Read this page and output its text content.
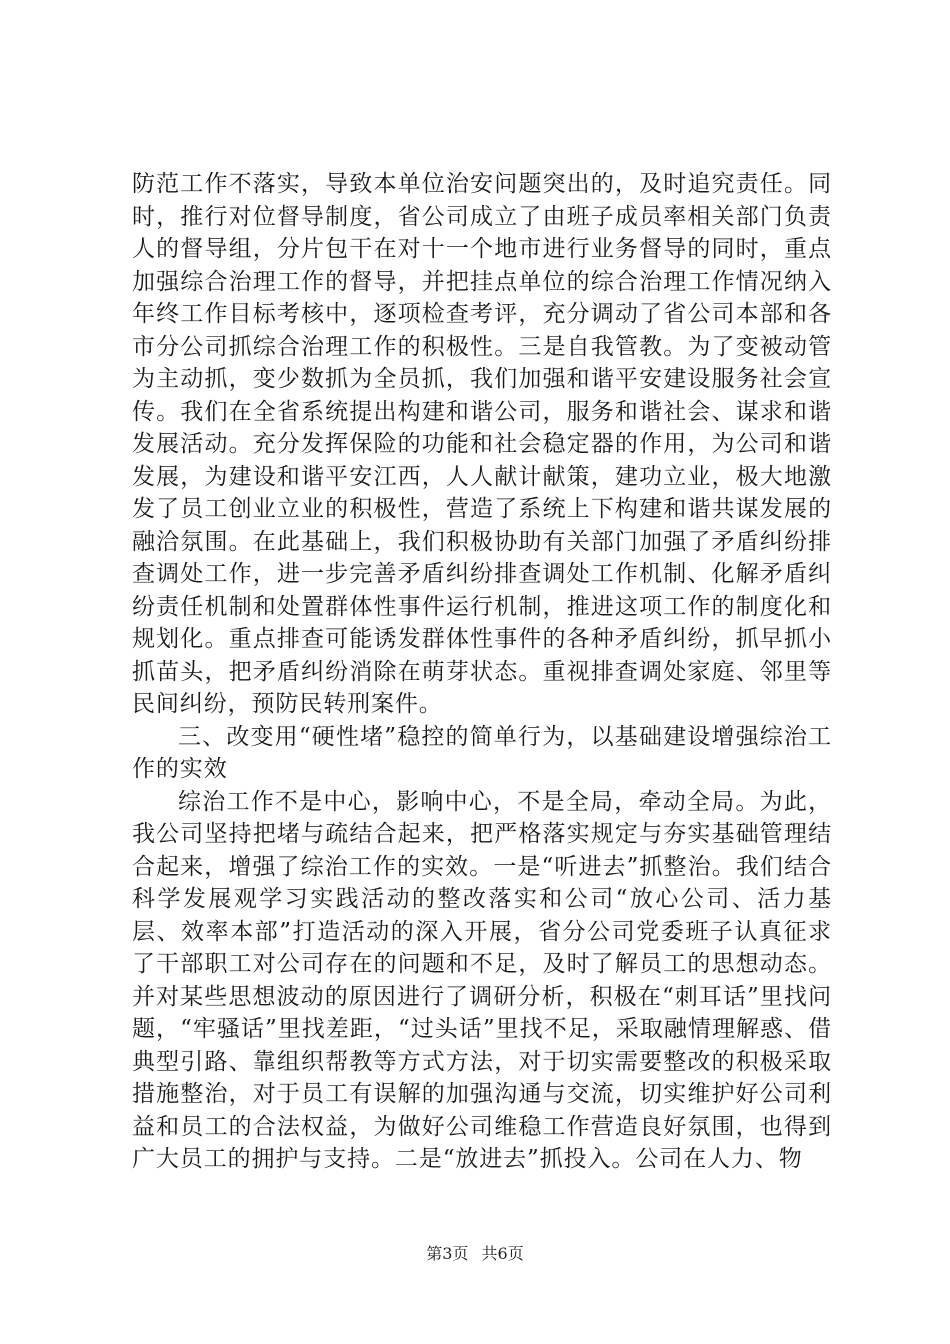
防范工作不落实，导致本单位治安问题突出的，及时追究责任。同时，推行对位督导制度，省公司成立了由班子成员率相关部门负责人的督导组，分片包干在对十一个地市进行业务督导的同时，重点加强综合治理工作的督导，并把挂点单位的综合治理工作情况纳入年终工作目标考核中，逐项检查考评，充分调动了省公司本部和各市分公司抓综合治理工作的积极性。三是自我管教。为了变被动管为主动抓，变少数抓为全员抓，我们加强和谐平安建设服务社会宣传。我们在全省系统提出构建和谐公司，服务和谐社会、谋求和谐发展活动。充分发挥保险的功能和社会稳定器的作用，为公司和谐发展，为建设和谐平安江西，人人献计献策，建功立业，极大地激发了员工创业立业的积极性，营造了系统上下构建和谐共谋发展的融洽氛围。在此基础上，我们积极协助有关部门加强了矛盾纠纷排查调处工作，进一步完善矛盾纠纷排查调处工作机制、化解矛盾纠纷责任机制和处置群体性事件运行机制，推进这项工作的制度化和规划化。重点排查可能诱发群体性事件的各种矛盾纠纷，抓早抓小抓苗头，把矛盾纠纷消除在萌芽状态。重视排查调处家庭、邻里等民间纠纷，预防民转刑案件。

三、改变用“硬性堵”稳控的简单行为，以基础建设增强综治工作的实效

综治工作不是中心，影响中心，不是全局，牵动全局。为此，我公司坚持把堵与疏结合起来，把严格落实规定与夯实基础管理结合起来，增强了综治工作的实效。一是“听进去”抓整治。我们结合科学发展观学习实践活动的整改落实和公司“放心公司、活力基层、效率本部”打造活动的深入开展，省分公司党委班子认真征求了干部职工对公司存在的问题和不足，及时了解员工的思想动态。并对某些思想波动的原因进行了调研分析，积极在“刺耳话”里找问题，“牢骚话”里找差距，“过头话”里找不足，采取融情理解惑、借典型引路、靠组织帮教等方式方法，对于切实需要整改的积极采取措施整治，对于员工有误解的加强沟通与交流，切实维护好公司利益和员工的合法权益，为做好公司维稳工作营造良好氛围，也得到广大员工的拥护与支持。二是“放进去”抓投入。公司在人力、物

第3页 共6页
